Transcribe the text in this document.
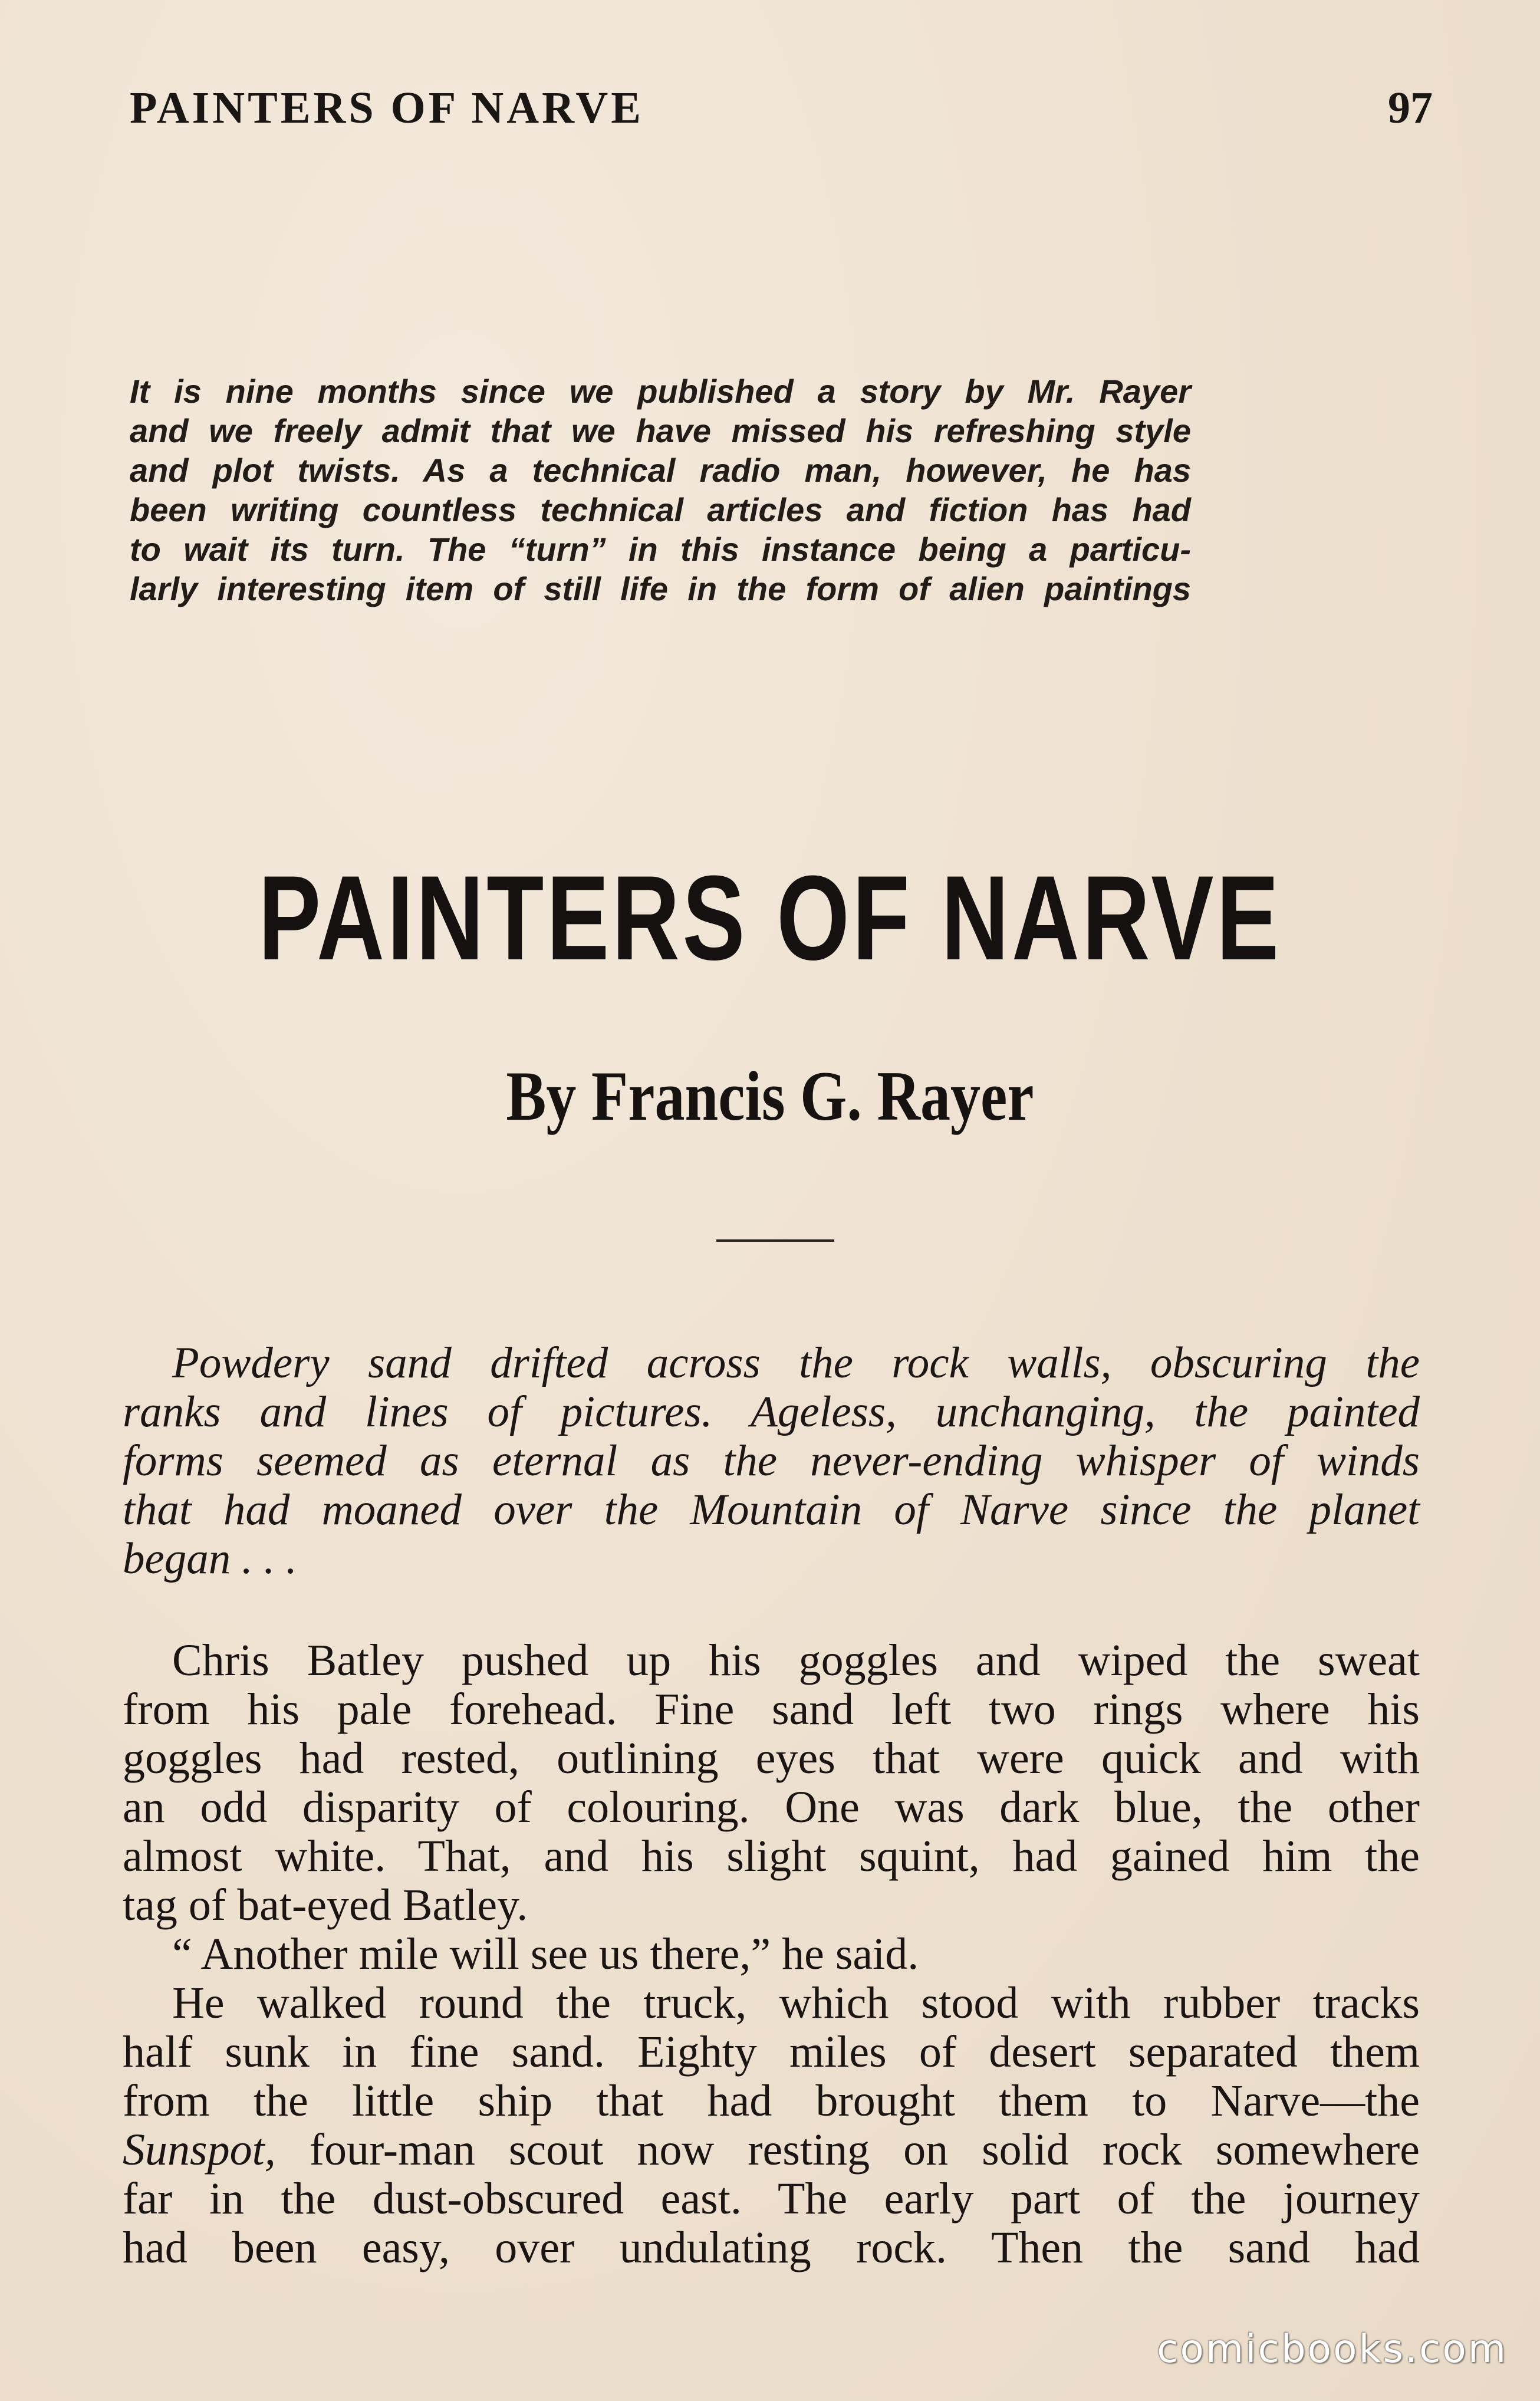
PAINTERS OF NARVE	97
It is nine months since we published a story by Mr. Rayer
and we freely admit that we have missed his refreshing style
and plot twists. As a technical radio man, however, he has
been writing countless technical articles and fiction has had
to wait its turn. The “turn” in this instance being a particu-
larly interesting item of still life in the form of alien paintings
PAINTERS OF NARVE
By Francis G. Rayer
Powdery sand drifted across the rock walls, obscuring the
ranks and lines of pictures. Ageless, unchanging, the painted
forms seemed as eternal as the never-ending whisper of winds
that had moaned over the Mountain of Narve since the planet
began . . .
Chris Batley pushed up his goggles and wiped the sweat
from his pale forehead. Fine sand left two rings where his
goggles had rested, outlining eyes that were quick and with
an odd disparity of colouring. One was dark blue, the other
almost white. That, and his slight squint, had gained him the
tag of bat-eyed Batley.
“ Another mile will see us there,” he said.
He walked round the truck, which stood with rubber tracks
half sunk in fine sand. Eighty miles of desert separated them
from the little ship that had brought them to Narve—the
Sunspot, four-man scout now resting on solid rock somewhere
far in the dust-obscured east. The early part of the journey
had been easy, over undulating rock. Then the sand had
comicbooks.com
